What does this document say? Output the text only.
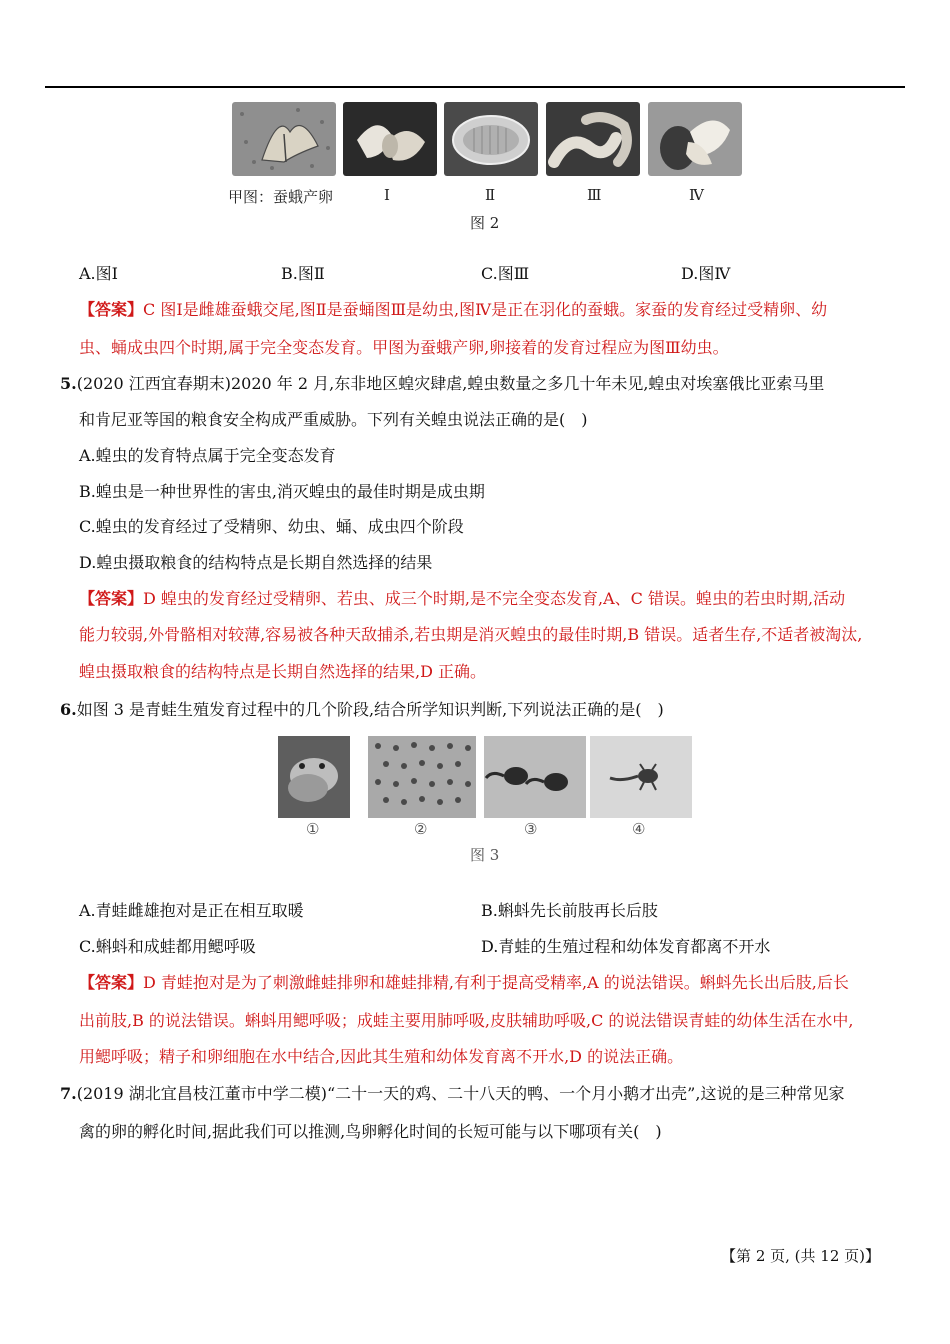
甲图：蚕蛾产卵	Ⅰ	Ⅱ	Ⅲ	Ⅳ
图 2
A.图Ⅰ	B.图Ⅱ	C.图Ⅲ	D.图Ⅳ
【答案】C 图Ⅰ是雌雄蚕蛾交尾,图Ⅱ是蚕蛹图Ⅲ是幼虫,图Ⅳ是正在羽化的蚕蛾。家蚕的发育经过受精卵、幼
虫、蛹成虫四个时期,属于完全变态发育。甲图为蚕蛾产卵,卵接着的发育过程应为图Ⅲ幼虫。
5.(2020 江西宜春期末)2020 年 2 月,东非地区蝗灾肆虐,蝗虫数量之多几十年未见,蝗虫对埃塞俄比亚索马里
和肯尼亚等国的粮食安全构成严重威胁。下列有关蝗虫说法正确的是(　)
A.蝗虫的发育特点属于完全变态发育
B.蝗虫是一种世界性的害虫,消灭蝗虫的最佳时期是成虫期
C.蝗虫的发育经过了受精卵、幼虫、蛹、成虫四个阶段
D.蝗虫摄取粮食的结构特点是长期自然选择的结果
【答案】D 蝗虫的发育经过受精卵、若虫、成三个时期,是不完全变态发育,A、C 错误。蝗虫的若虫时期,活动
能力较弱,外骨骼相对较薄,容易被各种天敌捕杀,若虫期是消灭蝗虫的最佳时期,B 错误。适者生存,不适者被淘汰,
蝗虫摄取粮食的结构特点是长期自然选择的结果,D 正确。
6.如图 3 是青蛙生殖发育过程中的几个阶段,结合所学知识判断,下列说法正确的是(　)
①	②	③	④
图 3
A.青蛙雌雄抱对是正在相互取暖	B.蝌蚪先长前肢再长后肢
C.蝌蚪和成蛙都用鳃呼吸	D.青蛙的生殖过程和幼体发育都离不开水
【答案】D 青蛙抱对是为了刺激雌蛙排卵和雄蛙排精,有利于提高受精率,A 的说法错误。蝌蚪先长出后肢,后长
出前肢,B 的说法错误。蝌蚪用鳃呼吸；成蛙主要用肺呼吸,皮肤辅助呼吸,C 的说法错误青蛙的幼体生活在水中,
用鳃呼吸；精子和卵细胞在水中结合,因此其生殖和幼体发育离不开水,D 的说法正确。
7.(2019 湖北宜昌枝江董市中学二模)“二十一天的鸡、二十八天的鸭、一个月小鹅才出壳”,这说的是三种常见家
禽的卵的孵化时间,据此我们可以推测,鸟卵孵化时间的长短可能与以下哪项有关(　)
【第 2 页, (共 12 页)】
